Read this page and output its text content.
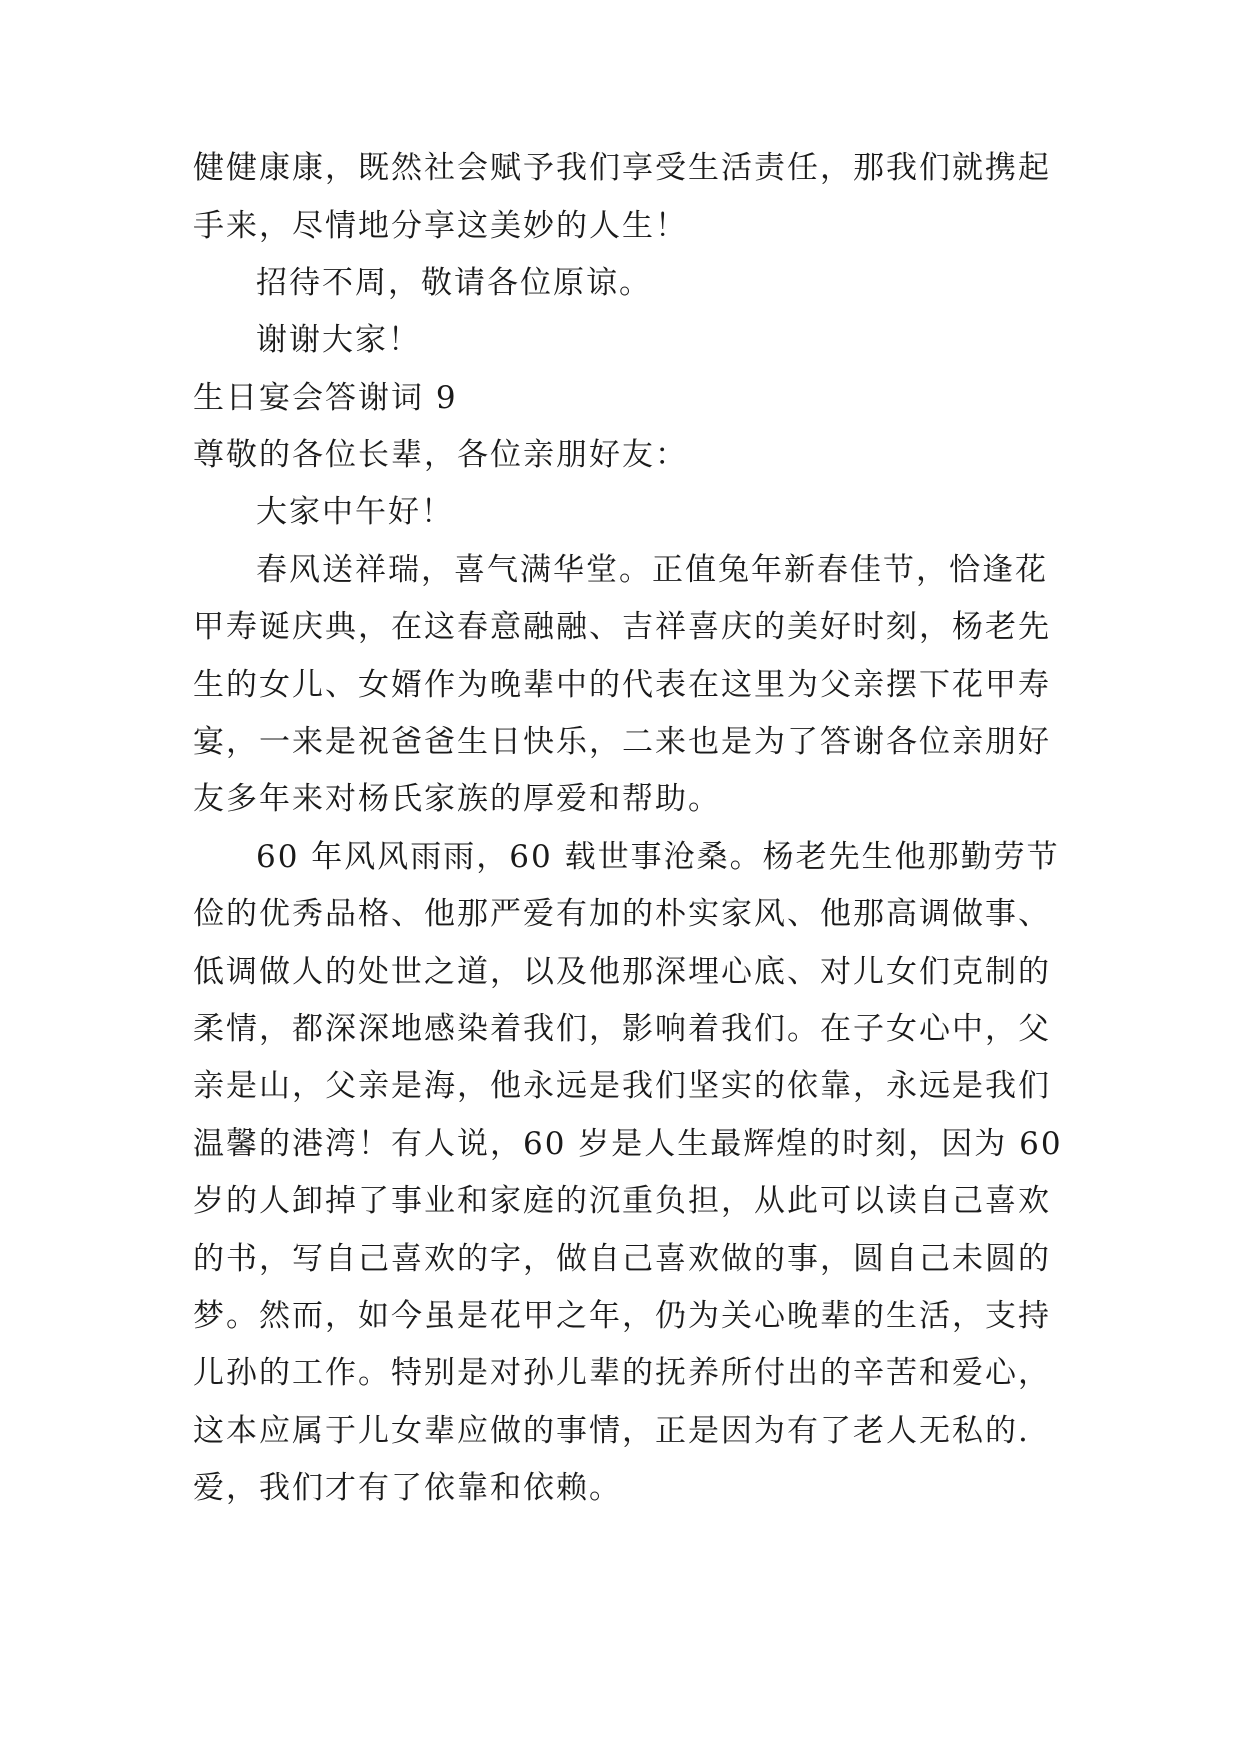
健健康康，既然社会赋予我们享受生活责任，那我们就携起
手来，尽情地分享这美妙的人生！
招待不周，敬请各位原谅。
谢谢大家！
生日宴会答谢词 9
尊敬的各位长辈，各位亲朋好友：
大家中午好！
春风送祥瑞，喜气满华堂。正值兔年新春佳节，恰逢花
甲寿诞庆典，在这春意融融、吉祥喜庆的美好时刻，杨老先
生的女儿、女婿作为晚辈中的代表在这里为父亲摆下花甲寿
宴，一来是祝爸爸生日快乐，二来也是为了答谢各位亲朋好
友多年来对杨氏家族的厚爱和帮助。
60 年风风雨雨，60 载世事沧桑。杨老先生他那勤劳节
俭的优秀品格、他那严爱有加的朴实家风、他那高调做事、
低调做人的处世之道，以及他那深埋心底、对儿女们克制的
柔情，都深深地感染着我们，影响着我们。在子女心中，父
亲是山，父亲是海，他永远是我们坚实的依靠，永远是我们
温馨的港湾！有人说，60 岁是人生最辉煌的时刻，因为 60
岁的人卸掉了事业和家庭的沉重负担，从此可以读自己喜欢
的书，写自己喜欢的字，做自己喜欢做的事，圆自己未圆的
梦。然而，如今虽是花甲之年，仍为关心晚辈的生活，支持
儿孙的工作。特别是对孙儿辈的抚养所付出的辛苦和爱心，
这本应属于儿女辈应做的事情，正是因为有了老人无私的.
爱，我们才有了依靠和依赖。
